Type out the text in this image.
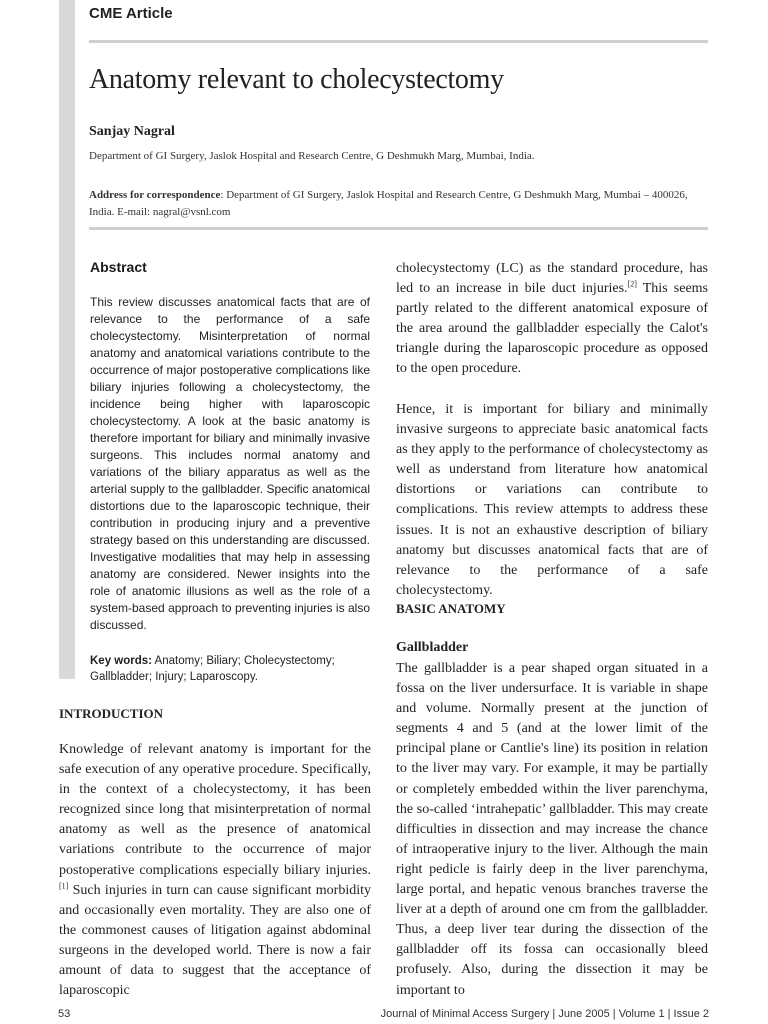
CME Article
Anatomy relevant to cholecystectomy
Sanjay Nagral
Department of GI Surgery, Jaslok Hospital and Research Centre, G Deshmukh Marg, Mumbai, India.
Address for correspondence: Department of GI Surgery, Jaslok Hospital and Research Centre, G Deshmukh Marg, Mumbai – 400026, India. E-mail: nagral@vsnl.com
Abstract

This review discusses anatomical facts that are of relevance to the performance of a safe cholecystectomy. Misinterpretation of normal anatomy and anatomical variations contribute to the occurrence of major postoperative complications like biliary injuries following a cholecystectomy, the incidence being higher with laparoscopic cholecystectomy. A look at the basic anatomy is therefore important for biliary and minimally invasive surgeons. This includes normal anatomy and variations of the biliary apparatus as well as the arterial supply to the gallbladder. Specific anatomical distortions due to the laparoscopic technique, their contribution in producing injury and a preventive strategy based on this understanding are discussed. Investigative modalities that may help in assessing anatomy are considered. Newer insights into the role of anatomic illusions as well as the role of a system-based approach to preventing injuries is also discussed.

Key words: Anatomy; Biliary; Cholecystectomy; Gallbladder; Injury; Laparoscopy.
INTRODUCTION

Knowledge of relevant anatomy is important for the safe execution of any operative procedure. Specifically, in the context of a cholecystectomy, it has been recognized since long that misinterpretation of normal anatomy as well as the presence of anatomical variations contribute to the occurrence of major postoperative complications especially biliary injuries.[1] Such injuries in turn can cause significant morbidity and occasionally even mortality. They are also one of the commonest causes of litigation against abdominal surgeons in the developed world. There is now a fair amount of data to suggest that the acceptance of laparoscopic

cholecystectomy (LC) as the standard procedure, has led to an increase in bile duct injuries.[2] This seems partly related to the different anatomical exposure of the area around the gallbladder especially the Calot's triangle during the laparoscopic procedure as opposed to the open procedure.

Hence, it is important for biliary and minimally invasive surgeons to appreciate basic anatomical facts as they apply to the performance of cholecystectomy as well as understand from literature how anatomical distortions or variations can contribute to complications. This review attempts to address these issues. It is not an exhaustive description of biliary anatomy but discusses anatomical facts that are of relevance to the performance of a safe cholecystectomy.

BASIC ANATOMY
Gallbladder

The gallbladder is a pear shaped organ situated in a fossa on the liver undersurface. It is variable in shape and volume. Normally present at the junction of segments 4 and 5 (and at the lower limit of the principal plane or Cantlie's line) its position in relation to the liver may vary. For example, it may be partially or completely embedded within the liver parenchyma, the so-called ‘intrahepatic’ gallbladder. This may create difficulties in dissection and may increase the chance of intraoperative injury to the liver. Although the main right pedicle is fairly deep in the liver parenchyma, large portal, and hepatic venous branches traverse the liver at a depth of around one cm from the gallbladder. Thus, a deep liver tear during the dissection of the gallbladder off its fossa can occasionally bleed profusely. Also, during the dissection it may be important to

53	Journal of Minimal Access Surgery | June 2005 | Volume 1 | Issue 2
